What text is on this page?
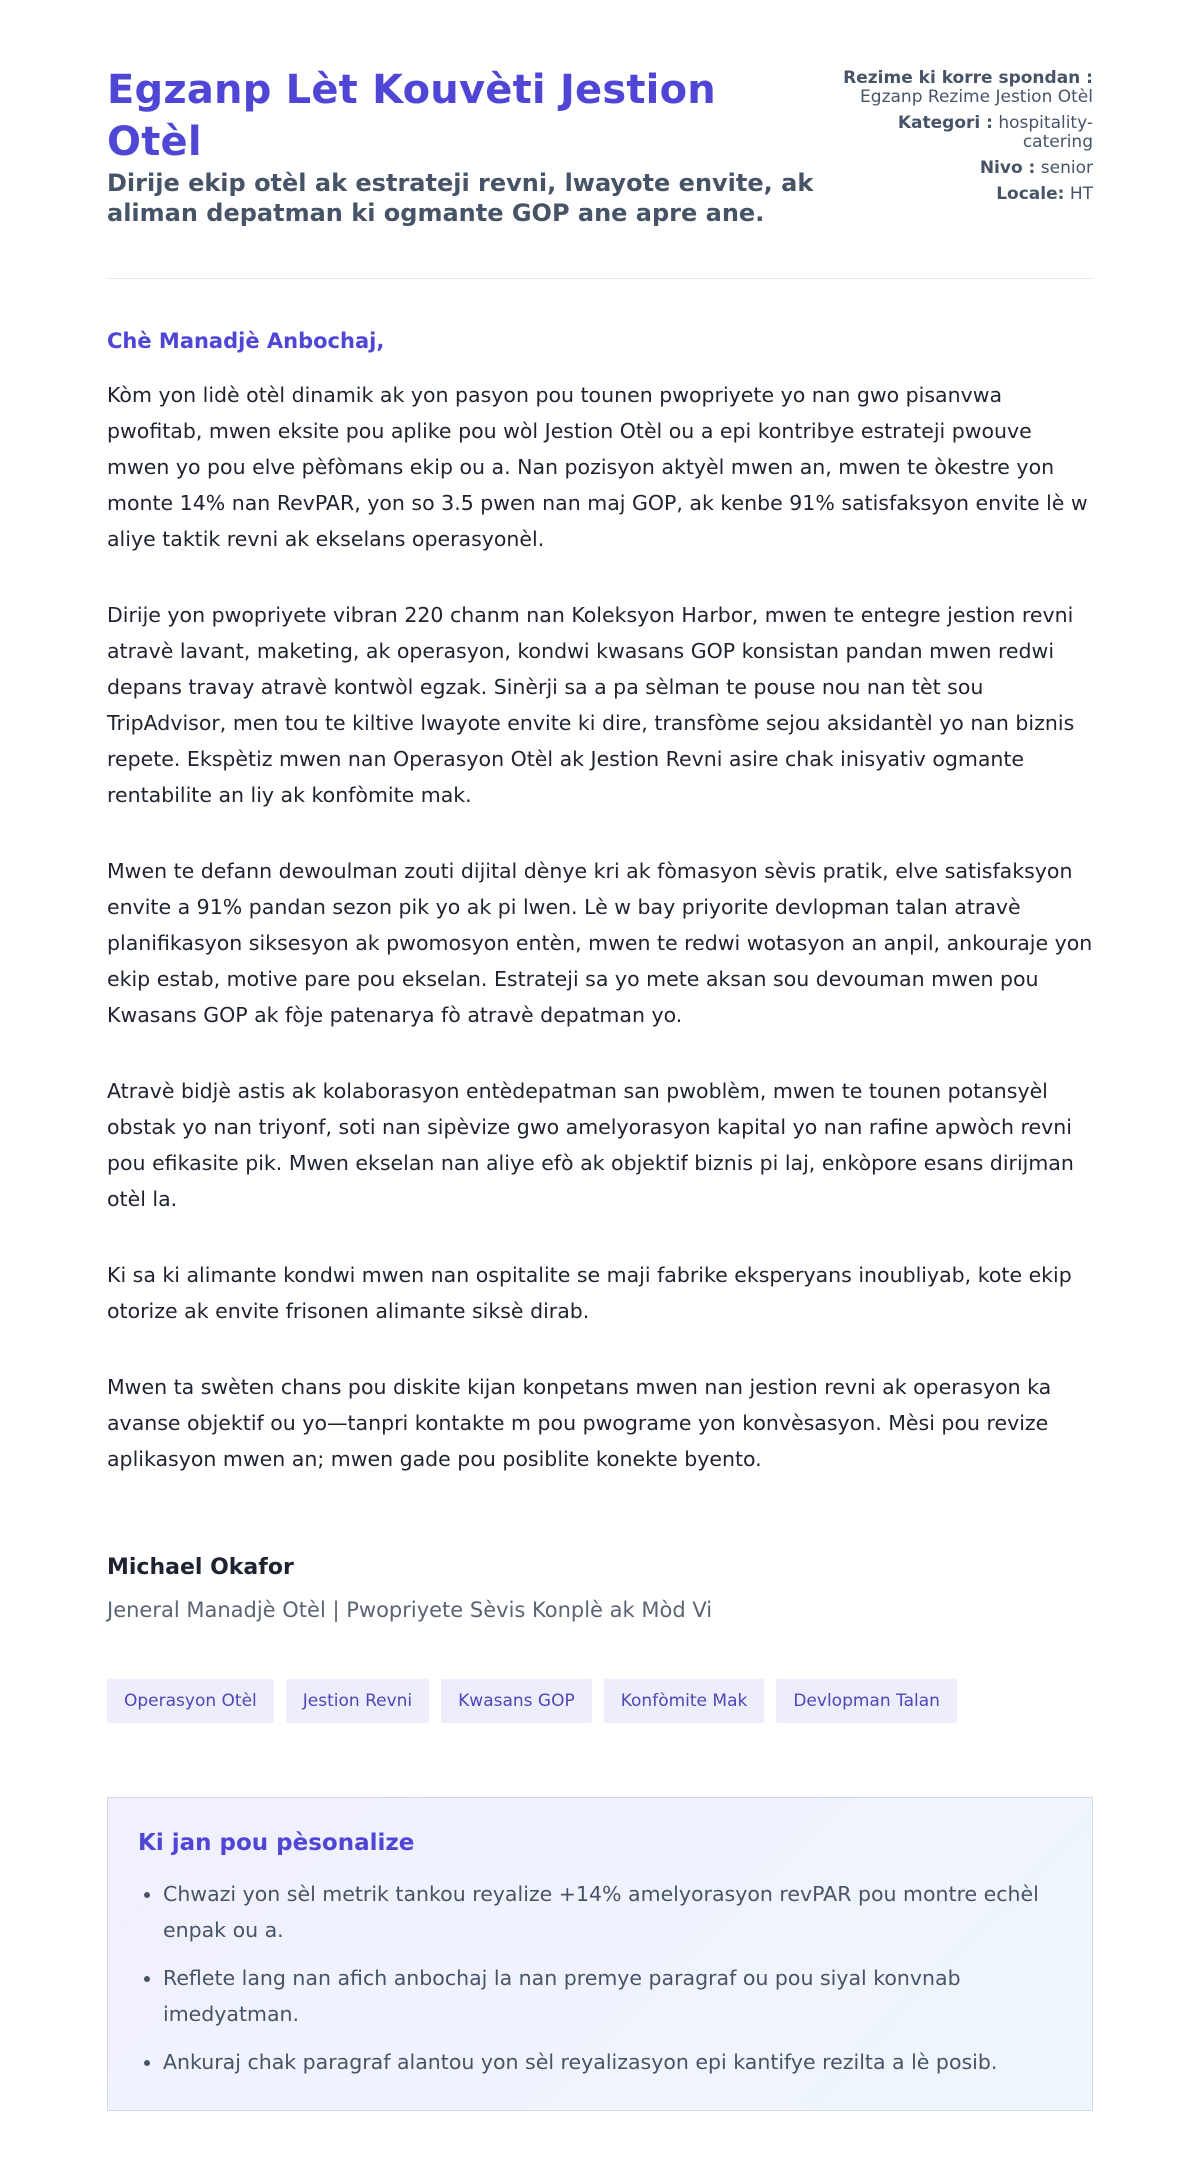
Egzanp Lèt Kouvèti Jestion Otèl
Dirije ekip otèl ak estrateji revni, lwayote envite, ak aliman depatman ki ogmante GOP ane apre ane.
Rezime ki korre spondan : Egzanp Rezime Jestion Otèl
Kategori : hospitality-catering
Nivo : senior
Locale: HT

Chè Manadjè Anbochaj,

Kòm yon lidè otèl dinamik ak yon pasyon pou tounen pwopriyete yo nan gwo pisanvwa pwofitab, mwen eksite pou aplike pou wòl Jestion Otèl ou a epi kontribye estrateji pwouve mwen yo pou elve pèfòmans ekip ou a. Nan pozisyon aktyèl mwen an, mwen te òkestre yon monte 14% nan RevPAR, yon so 3.5 pwen nan maj GOP, ak kenbe 91% satisfaksyon envite lè w aliye taktik revni ak ekselans operasyonèl.

Dirije yon pwopriyete vibran 220 chanm nan Koleksyon Harbor, mwen te entegre jestion revni atravè lavant, maketing, ak operasyon, kondwi kwasans GOP konsistan pandan mwen redwi depans travay atravè kontwòl egzak. Sinèrji sa a pa sèlman te pouse nou nan tèt sou TripAdvisor, men tou te kiltive lwayote envite ki dire, transfòme sejou aksidantèl yo nan biznis repete. Ekspètiz mwen nan Operasyon Otèl ak Jestion Revni asire chak inisyativ ogmante rentabilite an liy ak konfòmite mak.

Mwen te defann dewoulman zouti dijital dènye kri ak fòmasyon sèvis pratik, elve satisfaksyon envite a 91% pandan sezon pik yo ak pi lwen. Lè w bay priyorite devlopman talan atravè planifikasyon siksesyon ak pwomosyon entèn, mwen te redwi wotasyon an anpil, ankouraje yon ekip estab, motive pare pou ekselan. Estrateji sa yo mete aksan sou devouman mwen pou Kwasans GOP ak fòje patenarya fò atravè depatman yo.

Atravè bidjè astis ak kolaborasyon entèdepatman san pwoblèm, mwen te tounen potansyèl obstak yo nan triyonf, soti nan sipèvize gwo amelyorasyon kapital yo nan rafine apwòch revni pou efikasite pik. Mwen ekselan nan aliye efò ak objektif biznis pi laj, enkòpore esans dirijman otèl la.

Ki sa ki alimante kondwi mwen nan ospitalite se maji fabrike eksperyans inoubliyab, kote ekip otorize ak envite frisonen alimante siksè dirab.

Mwen ta swèten chans pou diskite kijan konpetans mwen nan jestion revni ak operasyon ka avanse objektif ou yo—tanpri kontakte m pou pwograme yon konvèsasyon. Mèsi pou revize aplikasyon mwen an; mwen gade pou posiblite konekte byento.

Michael Okafor
Jeneral Manadjè Otèl | Pwopriyete Sèvis Konplè ak Mòd Vi
Operasyon Otèl	Jestion Revni	Kwasans GOP	Konfòmite Mak	Devlopman Talan
Ki jan pou pèsonalize
• Chwazi yon sèl metrik tankou reyalize +14% amelyorasyon revPAR pou montre echèl enpak ou a.
• Reflete lang nan afich anbochaj la nan premye paragraf ou pou siyal konvnab imedyatman.
• Ankuraj chak paragraf alantou yon sèl reyalizasyon epi kantifye rezilta a lè posib.
